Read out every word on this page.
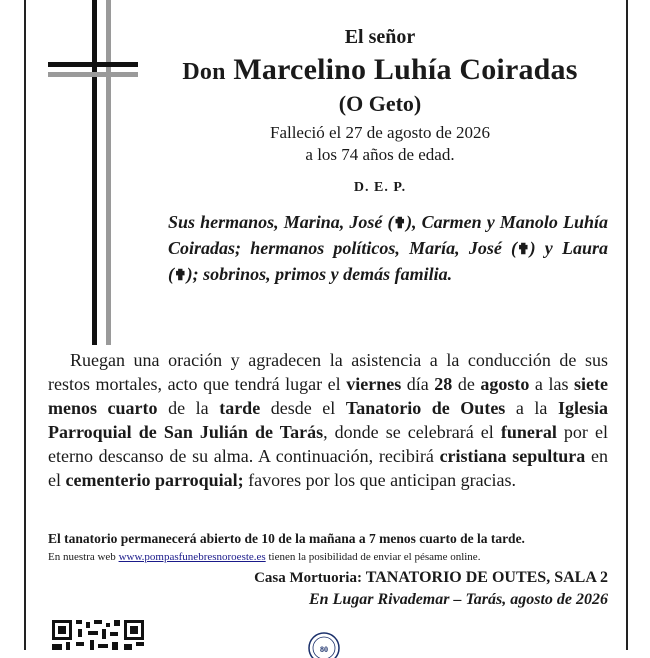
El señor

Don Marcelino Luhía Coiradas

(O Geto)

Falleció el 27 de agosto de 2026

a los 74 años de edad.

D. E. P.

Sus hermanos, Marina, José (✟), Carmen y Manolo Luhía Coiradas; hermanos políticos, María, José (✟) y Laura (✟); sobrinos, primos y demás familia.

Ruegan una oración y agradecen la asistencia a la conducción de sus restos mortales, acto que tendrá lugar el viernes día 28 de agosto a las siete menos cuarto de la tarde desde el Tanatorio de Outes a la Iglesia Parroquial de San Julián de Tarás, donde se celebrará el funeral por el eterno descanso de su alma. A continuación, recibirá cristiana sepultura en el cementerio parroquial; favores por los que anticipan gracias.

El tanatorio permanecerá abierto de 10 de la mañana a 7 menos cuarto de la tarde.
En nuestra web www.pompasfunebresnoroeste.es tienen la posibilidad de enviar el pésame online.
Casa Mortuoria: TANATORIO DE OUTES, SALA 2
En Lugar Rivademar – Tarás, agosto de 2026
80
